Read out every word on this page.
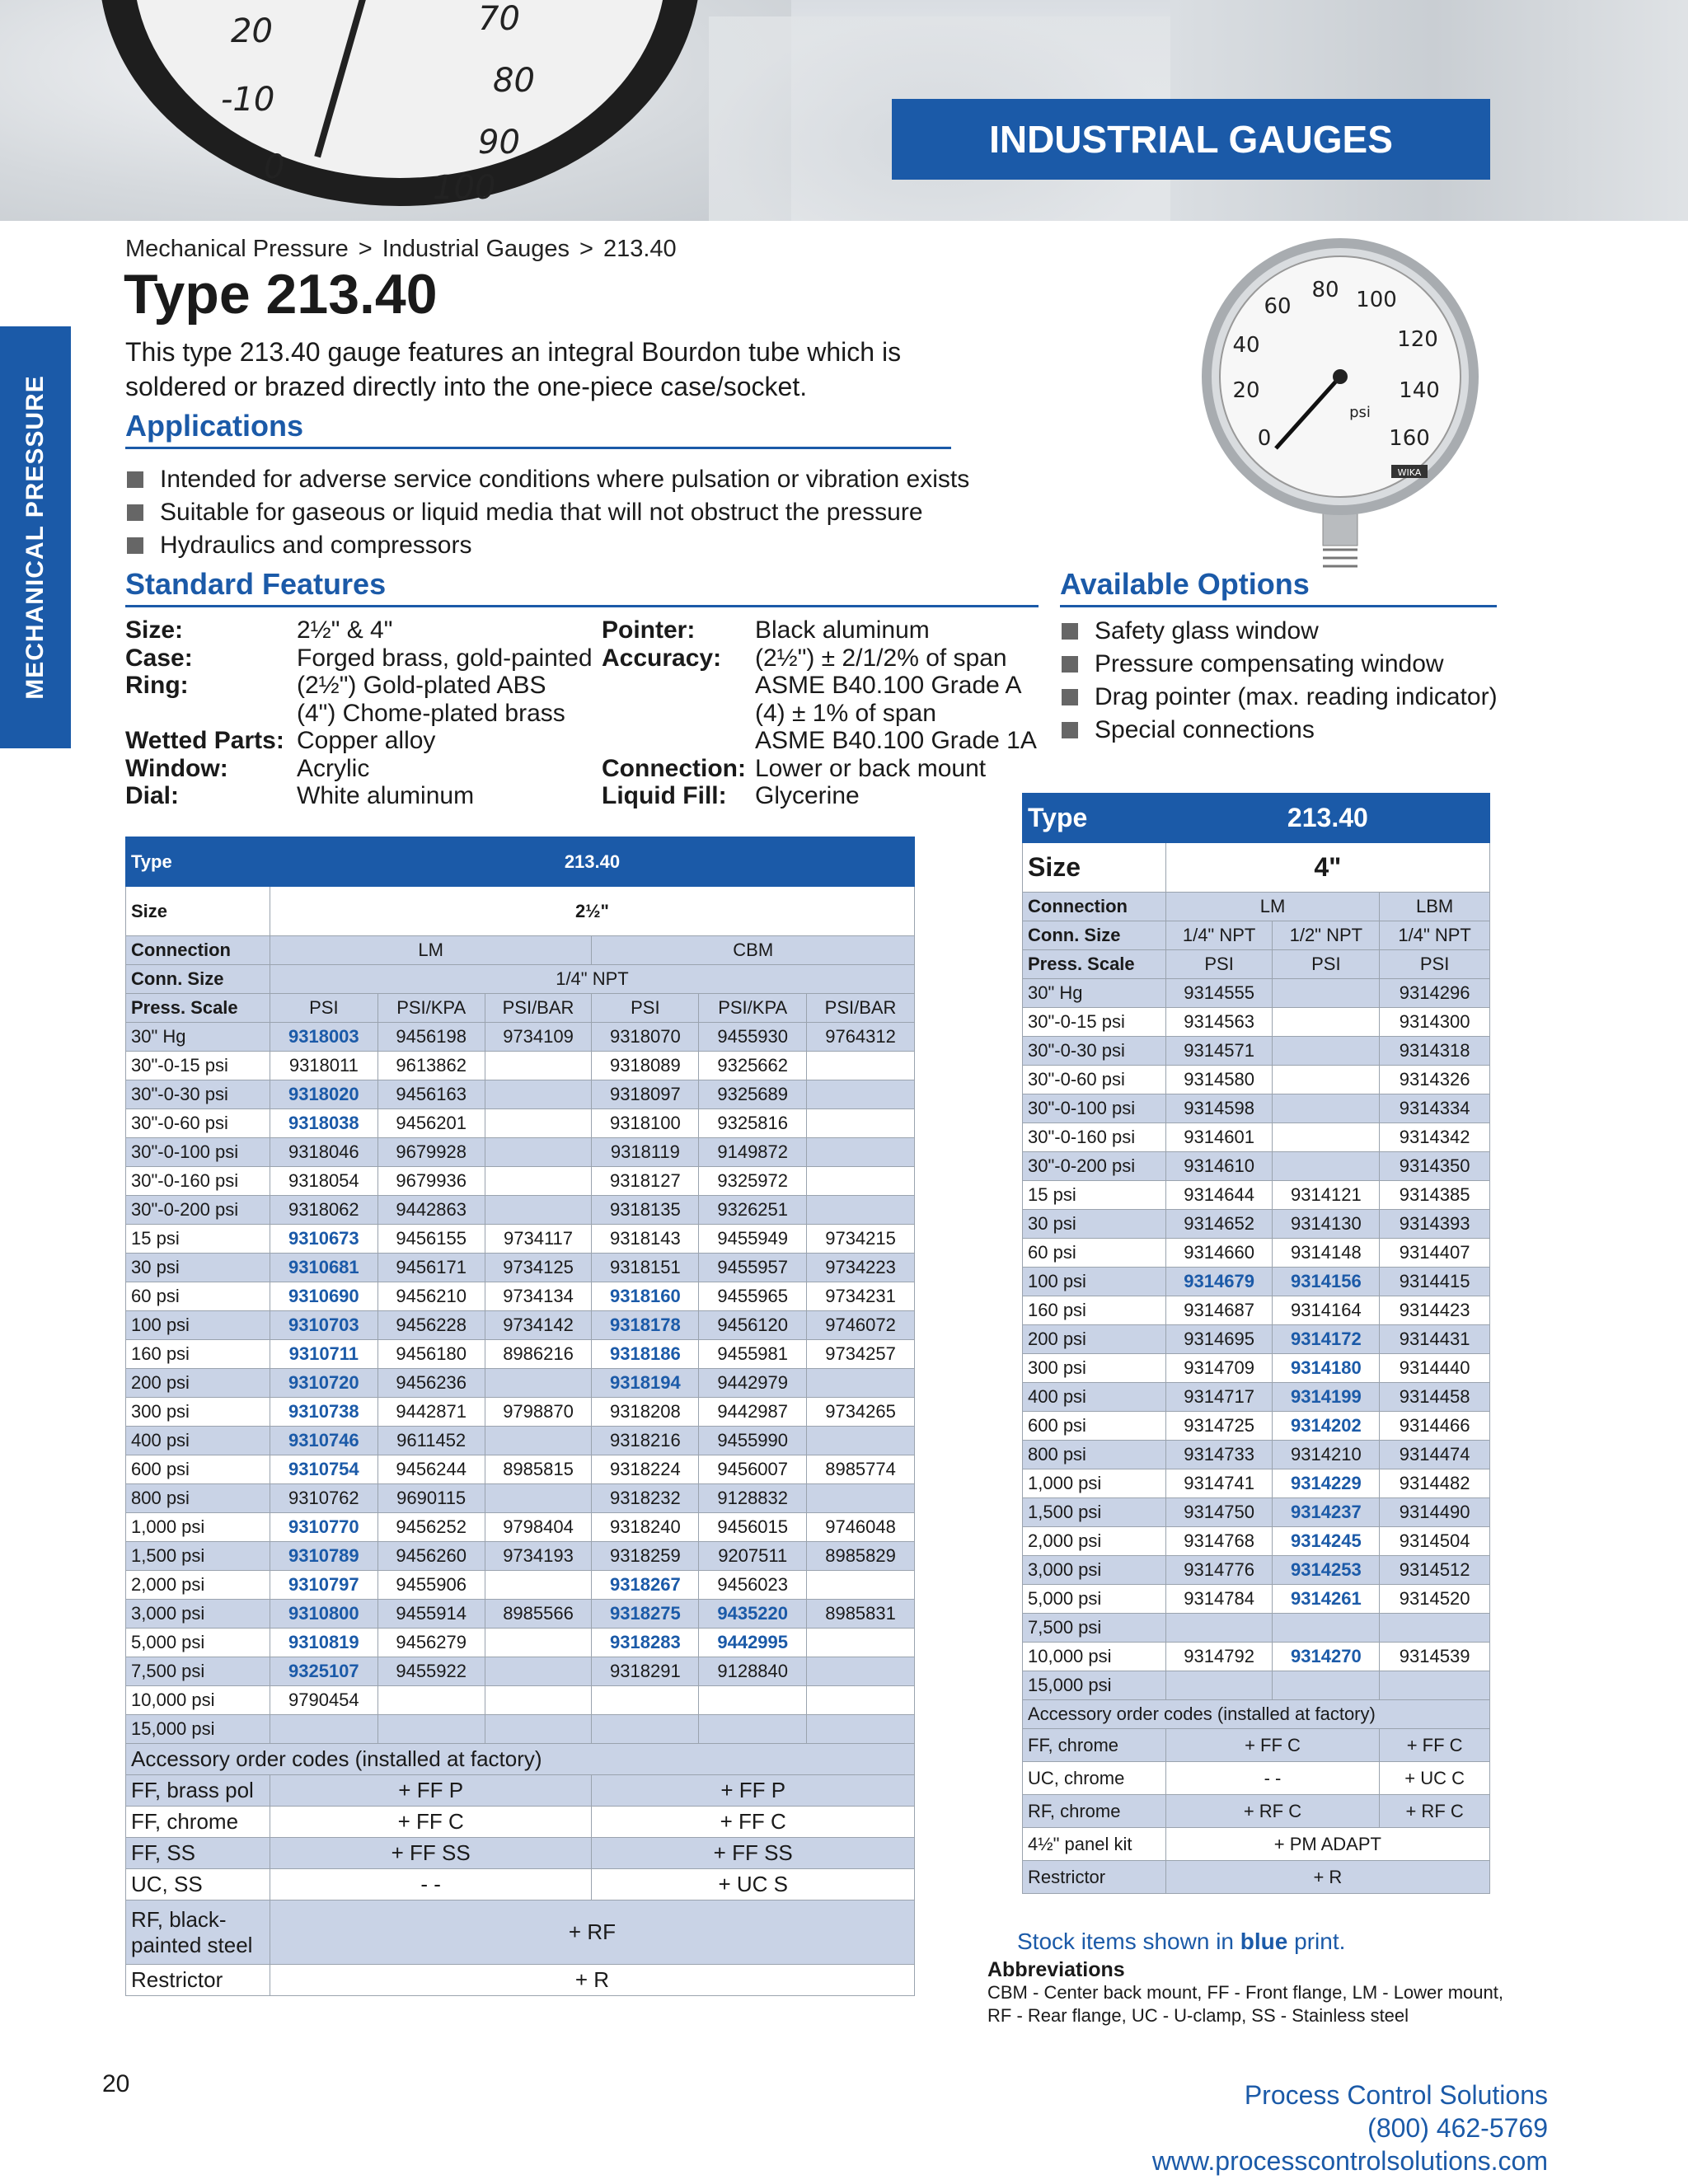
20
-10
0
70
80
90
100
INDUSTRIAL GAUGES
MECHANICAL PRESSURE
Mechanical Pressure > Industrial Gauges > 213.40
Type 213.40

This type 213.40 gauge features an integral Bourdon tube which is soldered or brazed directly into the one-piece case/socket.

Applications
Intended for adverse service conditions where pulsation or vibration exists
Suitable for gaseous or liquid media that will not obstruct the pressure
Hydraulics and compressors
Standard Features
Size:	2½" & 4"	Pointer:	Black aluminum
Case:	Forged brass, gold-painted	Accuracy:	(2½") ± 2/1/2% of span
Ring:	(2½") Gold-plated ABS		ASME B40.100 Grade A
	(4") Chome-plated brass		(4) ± 1% of span
Wetted Parts:	Copper alloy		ASME B40.100 Grade 1A
Window:	Acrylic	Connection:	Lower or back mount
Dial:	White aluminum	Liquid Fill:	Glycerine
40
60
80 100
120
140
160
20
0
psi
WIKA
Available Options
Safety glass window
Pressure compensating window
Drag pointer (max. reading indicator)
Special connections
Type	213.40					
Size	2½"					
Connection	LM			CBM		
Conn. Size	1/4" NPT					
Press. Scale	PSI	PSI/KPA	PSI/BAR	PSI	PSI/KPA	PSI/BAR
30" Hg	9318003	9456198	9734109	9318070	9455930	9764312
30"-0-15 psi	9318011	9613862		9318089	9325662	
30"-0-30 psi	9318020	9456163		9318097	9325689	
30"-0-60 psi	9318038	9456201		9318100	9325816	
30"-0-100 psi	9318046	9679928		9318119	9149872	
30"-0-160 psi	9318054	9679936		9318127	9325972	
30"-0-200 psi	9318062	9442863		9318135	9326251	
15 psi	9310673	9456155	9734117	9318143	9455949	9734215
30 psi	9310681	9456171	9734125	9318151	9455957	9734223
60 psi	9310690	9456210	9734134	9318160	9455965	9734231
100 psi	9310703	9456228	9734142	9318178	9456120	9746072
160 psi	9310711	9456180	8986216	9318186	9455981	9734257
200 psi	9310720	9456236		9318194	9442979	
300 psi	9310738	9442871	9798870	9318208	9442987	9734265
400 psi	9310746	9611452		9318216	9455990	
600 psi	9310754	9456244	8985815	9318224	9456007	8985774
800 psi	9310762	9690115		9318232	9128832	
1,000 psi	9310770	9456252	9798404	9318240	9456015	9746048
1,500 psi	9310789	9456260	9734193	9318259	9207511	8985829
2,000 psi	9310797	9455906		9318267	9456023	
3,000 psi	9310800	9455914	8985566	9318275	9435220	8985831
5,000 psi	9310819	9456279		9318283	9442995	
7,500 psi	9325107	9455922		9318291	9128840	
10,000 psi	9790454					
15,000 psi						
Accessory order codes (installed at factory)						
FF, brass pol	+ FF P			+ FF P		
FF, chrome	+ FF C			+ FF C		
FF, SS	+ FF SS			+ FF SS		
UC, SS	- -			+ UC S		
RF, black-painted steel	+ RF					
Restrictor	+ R					
Type	213.40		
Size	4"		
Connection	LM		LBM
Conn. Size	1/4" NPT	1/2" NPT	1/4" NPT
Press. Scale	PSI	PSI	PSI
30" Hg	9314555		9314296
30"-0-15 psi	9314563		9314300
30"-0-30 psi	9314571		9314318
30"-0-60 psi	9314580		9314326
30"-0-100 psi	9314598		9314334
30"-0-160 psi	9314601		9314342
30"-0-200 psi	9314610		9314350
15 psi	9314644	9314121	9314385
30 psi	9314652	9314130	9314393
60 psi	9314660	9314148	9314407
100 psi	9314679	9314156	9314415
160 psi	9314687	9314164	9314423
200 psi	9314695	9314172	9314431
300 psi	9314709	9314180	9314440
400 psi	9314717	9314199	9314458
600 psi	9314725	9314202	9314466
800 psi	9314733	9314210	9314474
1,000 psi	9314741	9314229	9314482
1,500 psi	9314750	9314237	9314490
2,000 psi	9314768	9314245	9314504
3,000 psi	9314776	9314253	9314512
5,000 psi	9314784	9314261	9314520
7,500 psi			
10,000 psi	9314792	9314270	9314539
15,000 psi			
Accessory order codes (installed at factory)			
FF, chrome	+ FF C		+ FF C
UC, chrome	- -		+ UC C
RF, chrome	+ RF C		+ RF C
4½" panel kit	+ PM ADAPT		
Restrictor	+ R		
Stock items shown in blue print.
Abbreviations
CBM - Center back mount, FF - Front flange, LM - Lower mount, RF - Rear flange, UC - U-clamp, SS - Stainless steel
20	Process Control Solutions
(800) 462-5769
www.processcontrolsolutions.com
